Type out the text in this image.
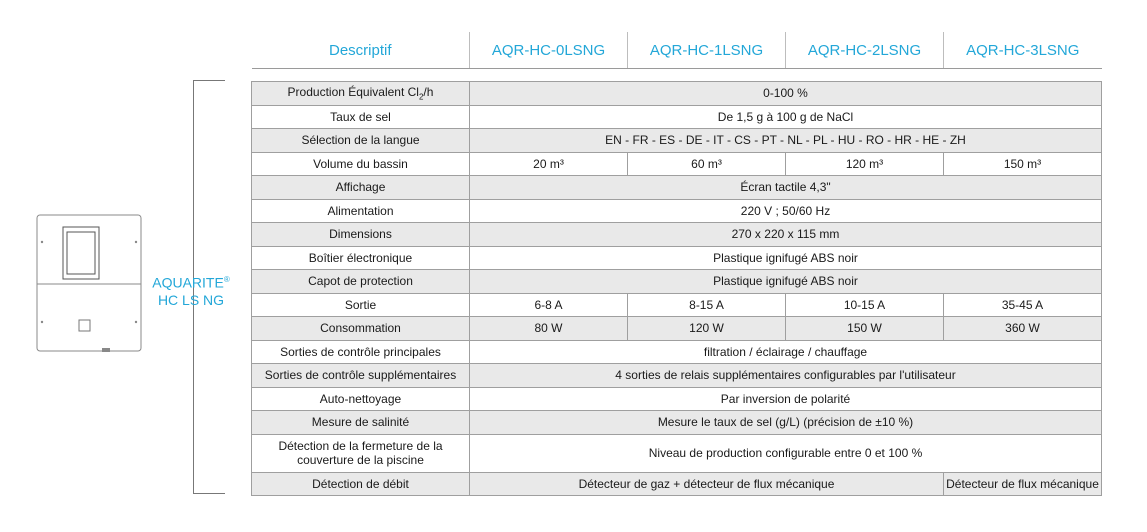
AQUARITE®
HC LS NG
Descriptif	AQR-HC-0LSNG	AQR-HC-1LSNG	AQR-HC-2LSNG	AQR-HC-3LSNG

Production Équivalent $Cl_2/h$	0-100 %			
Taux de sel	De 1,5 g à 100 g de NaCl			
Sélection de la langue	EN - FR - ES - DE - IT - CS - PT - NL - PL - HU - RO - HR - HE - ZH			
Volume du bassin	20 m³	60 m³	120 m³	150 m³
Affichage	Écran tactile 4,3"			
Alimentation	220 V ; 50/60 Hz			
Dimensions	270 x 220 x 115 mm			
Boîtier électronique	Plastique ignifugé ABS noir			
Capot de protection	Plastique ignifugé ABS noir			
Sortie	6-8 A	8-15 A	10-15 A	35-45 A
Consommation	80 W	120 W	150 W	360 W
Sorties de contrôle principales	filtration / éclairage / chauffage			
Sorties de contrôle supplémentaires	4 sorties de relais supplémentaires configurables par l'utilisateur			
Auto-nettoyage	Par inversion de polarité			
Mesure de salinité	Mesure le taux de sel (g/L) (précision de ±10 %)			
Détection de la fermeture de la couverture de la piscine	Niveau de production configurable entre 0 et 100 %			
Détection de débit	Détecteur de gaz + détecteur de flux mécanique			Détecteur de flux mécanique
